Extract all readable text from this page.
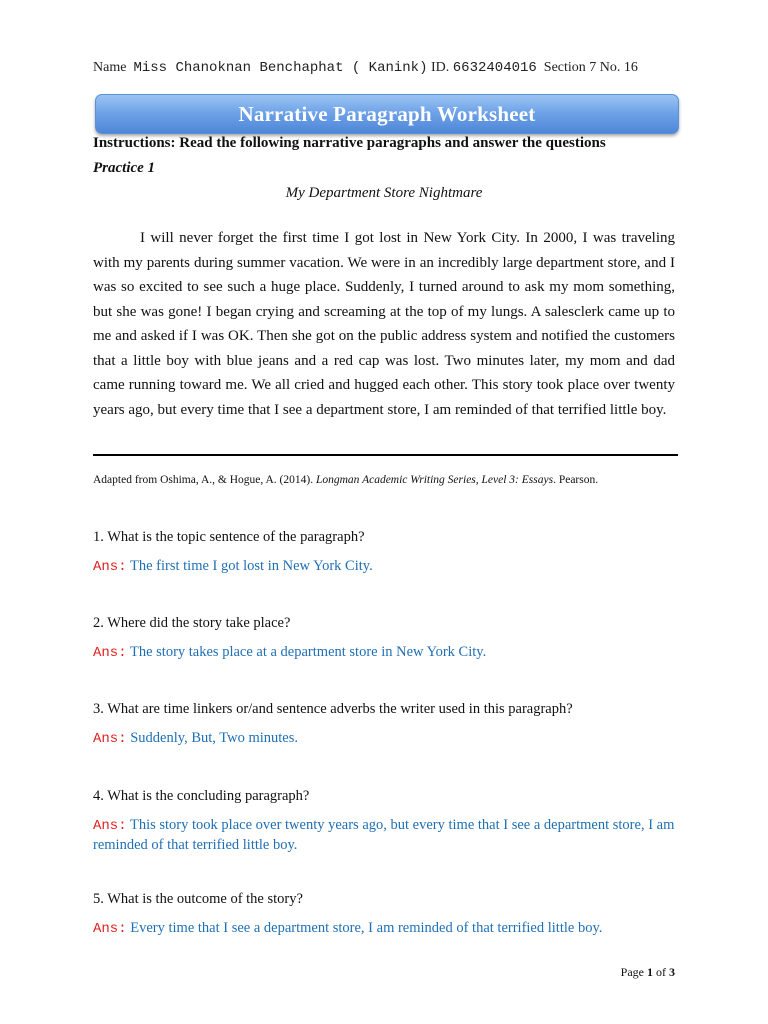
Name Miss Chanoknan Benchaphat ( Kanink) ID. 6632404016 Section 7 No. 16
Narrative Paragraph Worksheet
Instructions: Read the following narrative paragraphs and answer the questions
Practice 1
My Department Store Nightmare

I will never forget the first time I got lost in New York City. In 2000, I was traveling with my parents during summer vacation. We were in an incredibly large department store, and I was so excited to see such a huge place. Suddenly, I turned around to ask my mom something, but she was gone! I began crying and screaming at the top of my lungs. A salesclerk came up to me and asked if I was OK. Then she got on the public address system and notified the customers that a little boy with blue jeans and a red cap was lost. Two minutes later, my mom and dad came running toward me. We all cried and hugged each other. This story took place over twenty years ago, but every time that I see a department store, I am reminded of that terrified little boy.

Adapted from Oshima, A., & Hogue, A. (2014). Longman Academic Writing Series, Level 3: Essays. Pearson.
1. What is the topic sentence of the paragraph?
Ans: The first time I got lost in New York City.
2. Where did the story take place?
Ans: The story takes place at a department store in New York City.
3. What are time linkers or/and sentence adverbs the writer used in this paragraph?
Ans: Suddenly, But, Two minutes.
4. What is the concluding paragraph?
Ans: This story took place over twenty years ago, but every time that I see a department store, I am reminded of that terrified little boy.
5. What is the outcome of the story?
Ans: Every time that I see a department store, I am reminded of that terrified little boy.
Page 1 of 3
